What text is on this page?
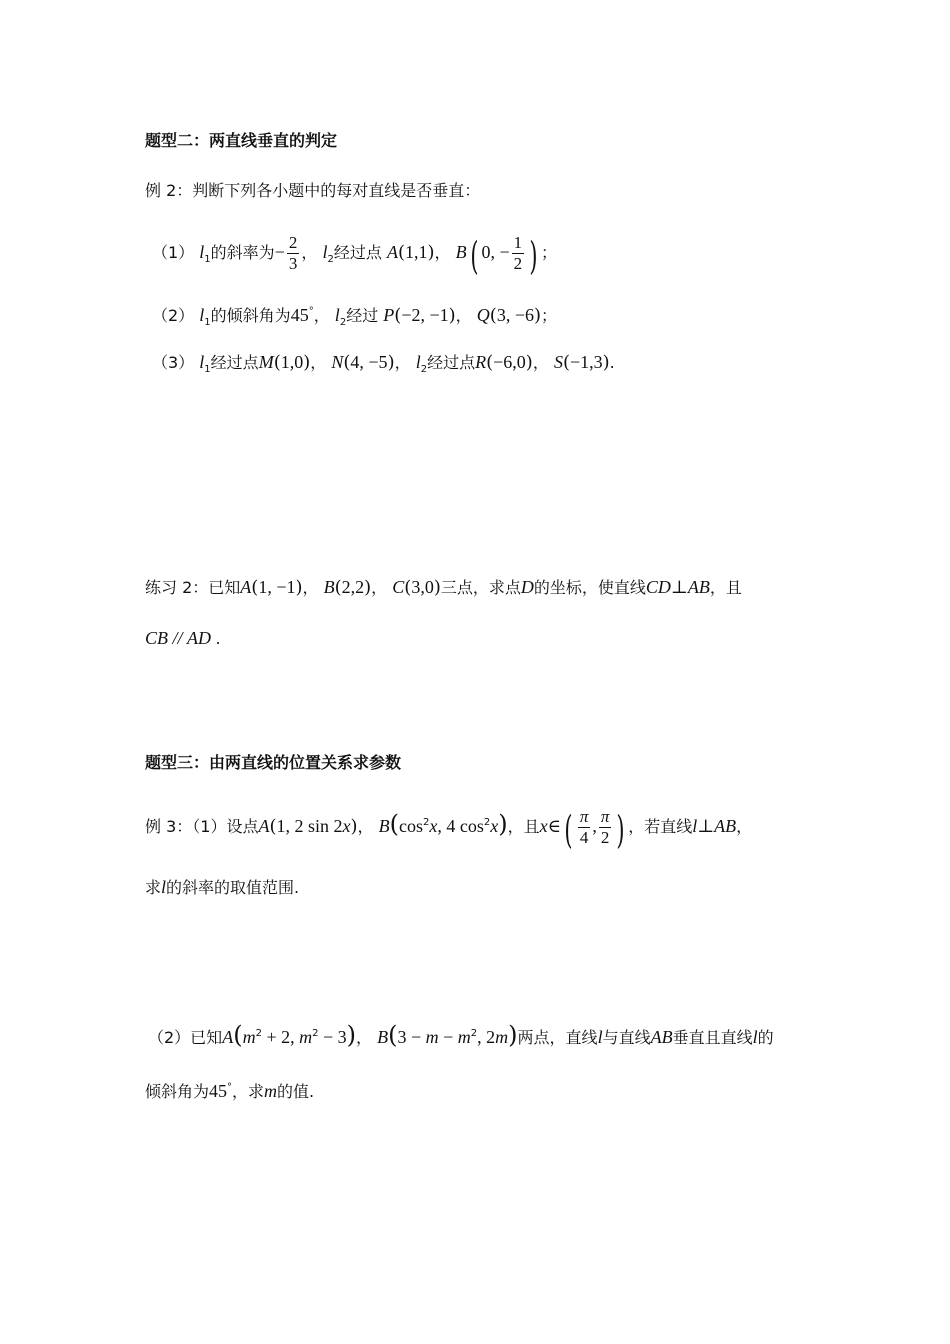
题型二：两直线垂直的判定
例 2：判断下列各小题中的每对直线是否垂直：
（1） $l_1$的斜率为− $\frac{2}{3}$ ， $l_2$经过点 A(1,1)， B( 0, − $\frac{1}{2}$ ) ；
（2） $l_1$的倾斜角为45°， $l_2$经过 P(−2, −1)， Q(3, −6)；
（3） $l_1$经过点M(1,0)， N(4, −5)， $l_2$经过点R(−6,0)， S(−1,3).
练习 2：已知A(1, −1)， B(2,2)， C(3,0)三点，求点D的坐标，使直线CD⊥AB，且
CB // AD .
题型三：由两直线的位置关系求参数
例 3：（1）设点A(1, 2 sin 2x)， $B(\cos^2x$, 4 $\cos^2x$)，且x∈( $\frac{\pi}{4}$ , $\frac{\pi}{2}$ ) ，若直线l⊥AB，
求l的斜率的取值范围.
（2）已知$A(m^2 + 2$, $m^2 - 3$)， $B(3 - m - m^2$, 2m)两点，直线l与直线AB垂直且直线l的
倾斜角为45°，求m的值.
